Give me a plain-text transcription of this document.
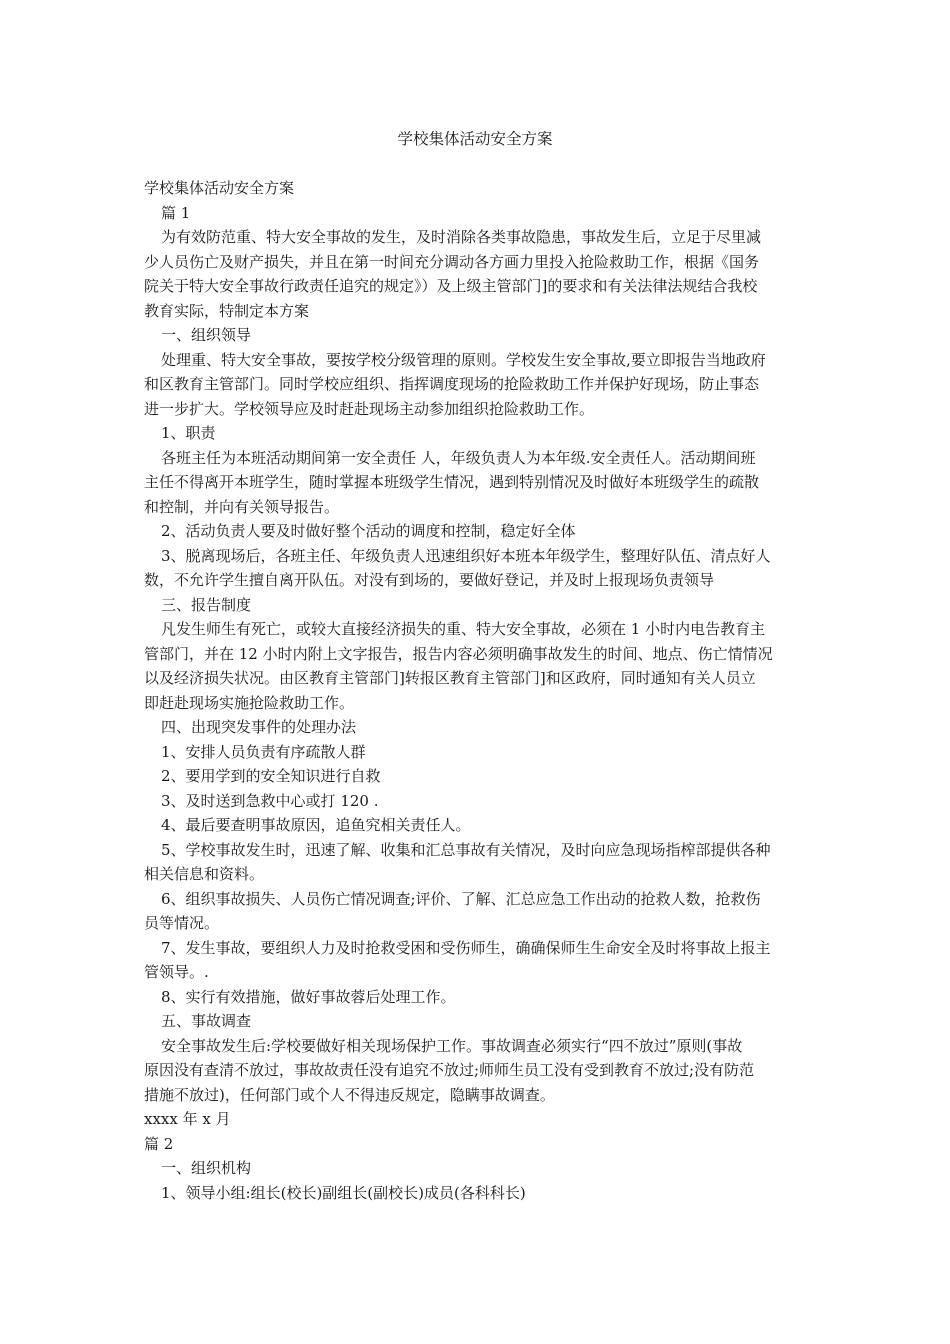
学校集体活动安全方案
学校集体活动安全方案
篇 1
为有效防范重、特大安全事故的发生，及时消除各类事故隐患，事故发生后，立足于尽里减
少人员伤亡及财产损失，并且在第一时间充分调动各方画力里投入抢险救助工作，根据《国务
院关于特大安全事故行政责任追究的规定》）及上级主管部门]的要求和有关法律法规结合我校
教育实际，特制定本方案
一、组织领导
处理重、特大安全事故，要按学校分级管理的原则。学校发生安全事故,要立即报告当地政府
和区教育主管部门。同时学校应组织、指挥调度现场的抢险救助工作并保护好现场，防止事态
进一步扩大。学校领导应及时赶赴现场主动参加组织抢险救助工作。
1、职责
各班主任为本班活动期间第一安全责任 人，年级负责人为本年级.安全责任人。活动期间班
主任不得离开本班学生，随时掌握本班级学生情况，遇到特别情况及时做好本班级学生的疏散
和控制，并向有关领导报告。
2、活动负责人要及时做好整个活动的调度和控制，稳定好全体
3、脱离现场后，各班主任、年级负责人迅速组织好本班本年级学生，整理好队伍、清点好人
数，不允许学生擅自离开队伍。对没有到场的，要做好登记，并及时上报现场负责领导
三、报告制度
凡发生师生有死亡，或较大直接经济损失的重、特大安全事故，必须在 1 小时内电告教育主
管部门，并在 12 小时内附上文字报告，报告内容必须明确事故发生的时间、地点、伤亡情情况
以及经济损失状况。由区教育主管部门]转报区教育主管部门]和区政府，同时通知有关人员立
即赶赴现场实施抢险救助工作。
四、出现突发事件的处理办法
1、安排人员负责有序疏散人群
2、要用学到的安全知识进行自救
3、及时送到急救中心或打 120 .
4、最后要查明事故原因，追鱼究相关责任人。
5、学校事故发生时，迅速了解、收集和汇总事故有关情况，及时向应急现场指榨部提供各种
相关信息和资料。
6、组织事故损失、人员伤亡情况调查;评价、了解、汇总应急工作出动的抢救人数，抢救伤
员等情况。
7、发生事故，要组织人力及时抢救受困和受伤师生，确确保师生生命安全及时将事故上报主
管领导。.
8、实行有效措施，做好事故蓉后处理工作。
五、事故调查
安全事故发生后:学校要做好相关现场保护工作。事故调查必须实行“四不放过”原则(事故
原因没有查清不放过，事故故责任没有追究不放过;师师生员工没有受到教育不放过;没有防范
措施不放过)，任何部门或个人不得违反规定，隐瞒事故调查。
xxxx 年 x 月
篇 2
一、组织机构
1、领导小组:组长(校长)副组长(副校长)成员(各科科长)
